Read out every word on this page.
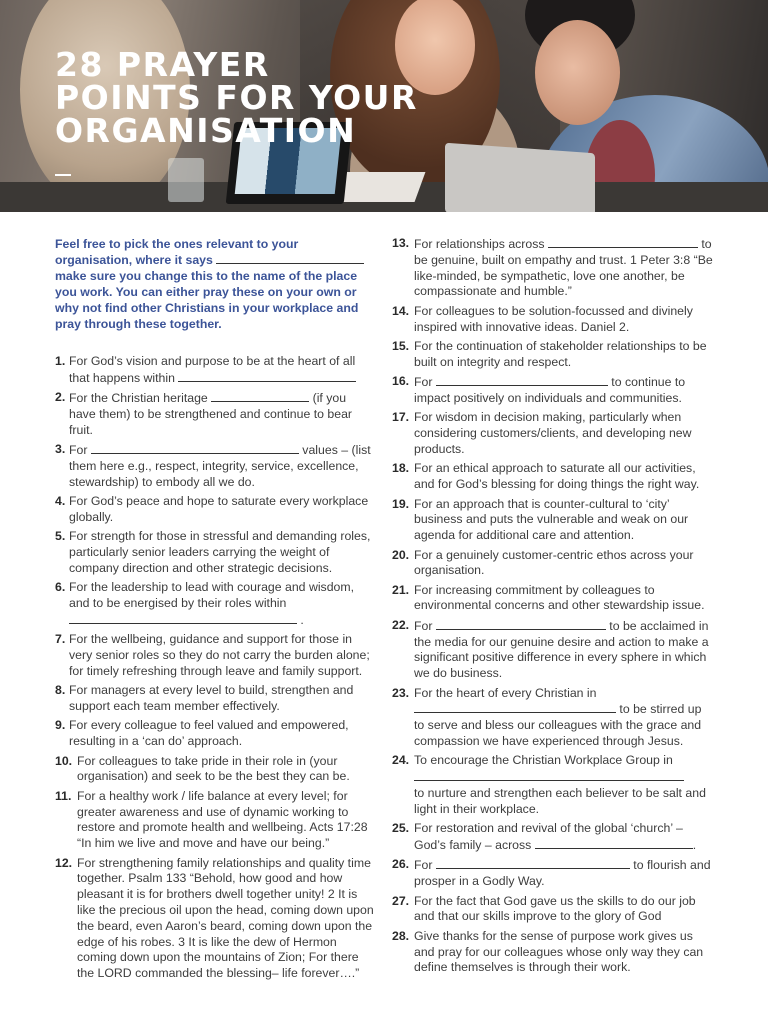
28 PRAYER
POINTS FOR YOUR
ORGANISATION

Feel free to pick the ones relevant to your organisation, where it says  make sure you change this to the name of the place you work. You can either pray these on your own or why not find other Christians in your workplace and pray through these together.

1. For God’s vision and purpose to be at the heart of all that happens within
2. For the Christian heritage	(if you have them) to be strengthened and continue to bear fruit.
3. For	values – (list them here e.g., respect, integrity, service, excellence, stewardship) to embody all we do.
4. For God’s peace and hope to saturate every workplace globally.
5. For strength for those in stressful and demanding roles, particularly senior leaders carrying the weight of company direction and other strategic decisions.
6. For the leadership to lead with courage and wisdom, and to be energised by their roles within
.
7. For the wellbeing, guidance and support for those in very senior roles so they do not carry the burden alone; for timely refreshing through leave and family support.
8. For managers at every level to build, strengthen and support each team member effectively.
9. For every colleague to feel valued and empowered, resulting in a ‘can do’ approach.
10. For colleagues to take pride in their role in (your organisation) and seek to be the best they can be.
11. For a healthy work / life balance at every level; for greater awareness and use of dynamic working to restore and promote health and wellbeing. Acts 17:28 “In him we live and move and have our being.”
12. For strengthening family relationships and quality time together. Psalm 133 “Behold, how good and how pleasant it is for brothers dwell together unity! 2 It is like the precious oil upon the head, coming down upon the beard, even Aaron’s beard, coming down upon the edge of his robes. 3 It is like the dew of Hermon coming down upon the mountains of Zion; For there the LORD commanded the blessing– life forever….”
13. For relationships across	to be genuine, built on empathy and trust. 1 Peter 3:8 “Be like-minded, be sympathetic, love one another, be compassionate and humble.”
14. For colleagues to be solution-focussed and divinely inspired with innovative ideas. Daniel 2.
15. For the continuation of stakeholder relationships to be built on integrity and respect.
16. For	to continue to impact positively on individuals and communities.
17. For wisdom in decision making, particularly when considering customers/clients, and developing new products.
18. For an ethical approach to saturate all our activities, and for God’s blessing for doing things the right way.
19. For an approach that is counter-cultural to ‘city’ business and puts the vulnerable and weak on our agenda for additional care and attention.
20. For a genuinely customer-centric ethos across your organisation.
21. For increasing commitment by colleagues to environmental concerns and other stewardship issue.
22. For	to be acclaimed in the media for our genuine desire and action to make a significant positive difference in every sphere in which we do business.
23. For the heart of every Christian in
to be stirred up to serve and bless our colleagues with the grace and compassion we have experienced through Jesus.
24. To encourage the Christian Workplace Group in
to nurture and strengthen each believer to be salt and light in their workplace.
25. For restoration and revival of the global ‘church’ – God’s family – across	.
26. For	to flourish and prosper in a Godly Way.
27. For the fact that God gave us the skills to do our job and that our skills improve to the glory of God
28. Give thanks for the sense of purpose work gives us and pray for our colleagues whose only way they can define themselves is through their work.
